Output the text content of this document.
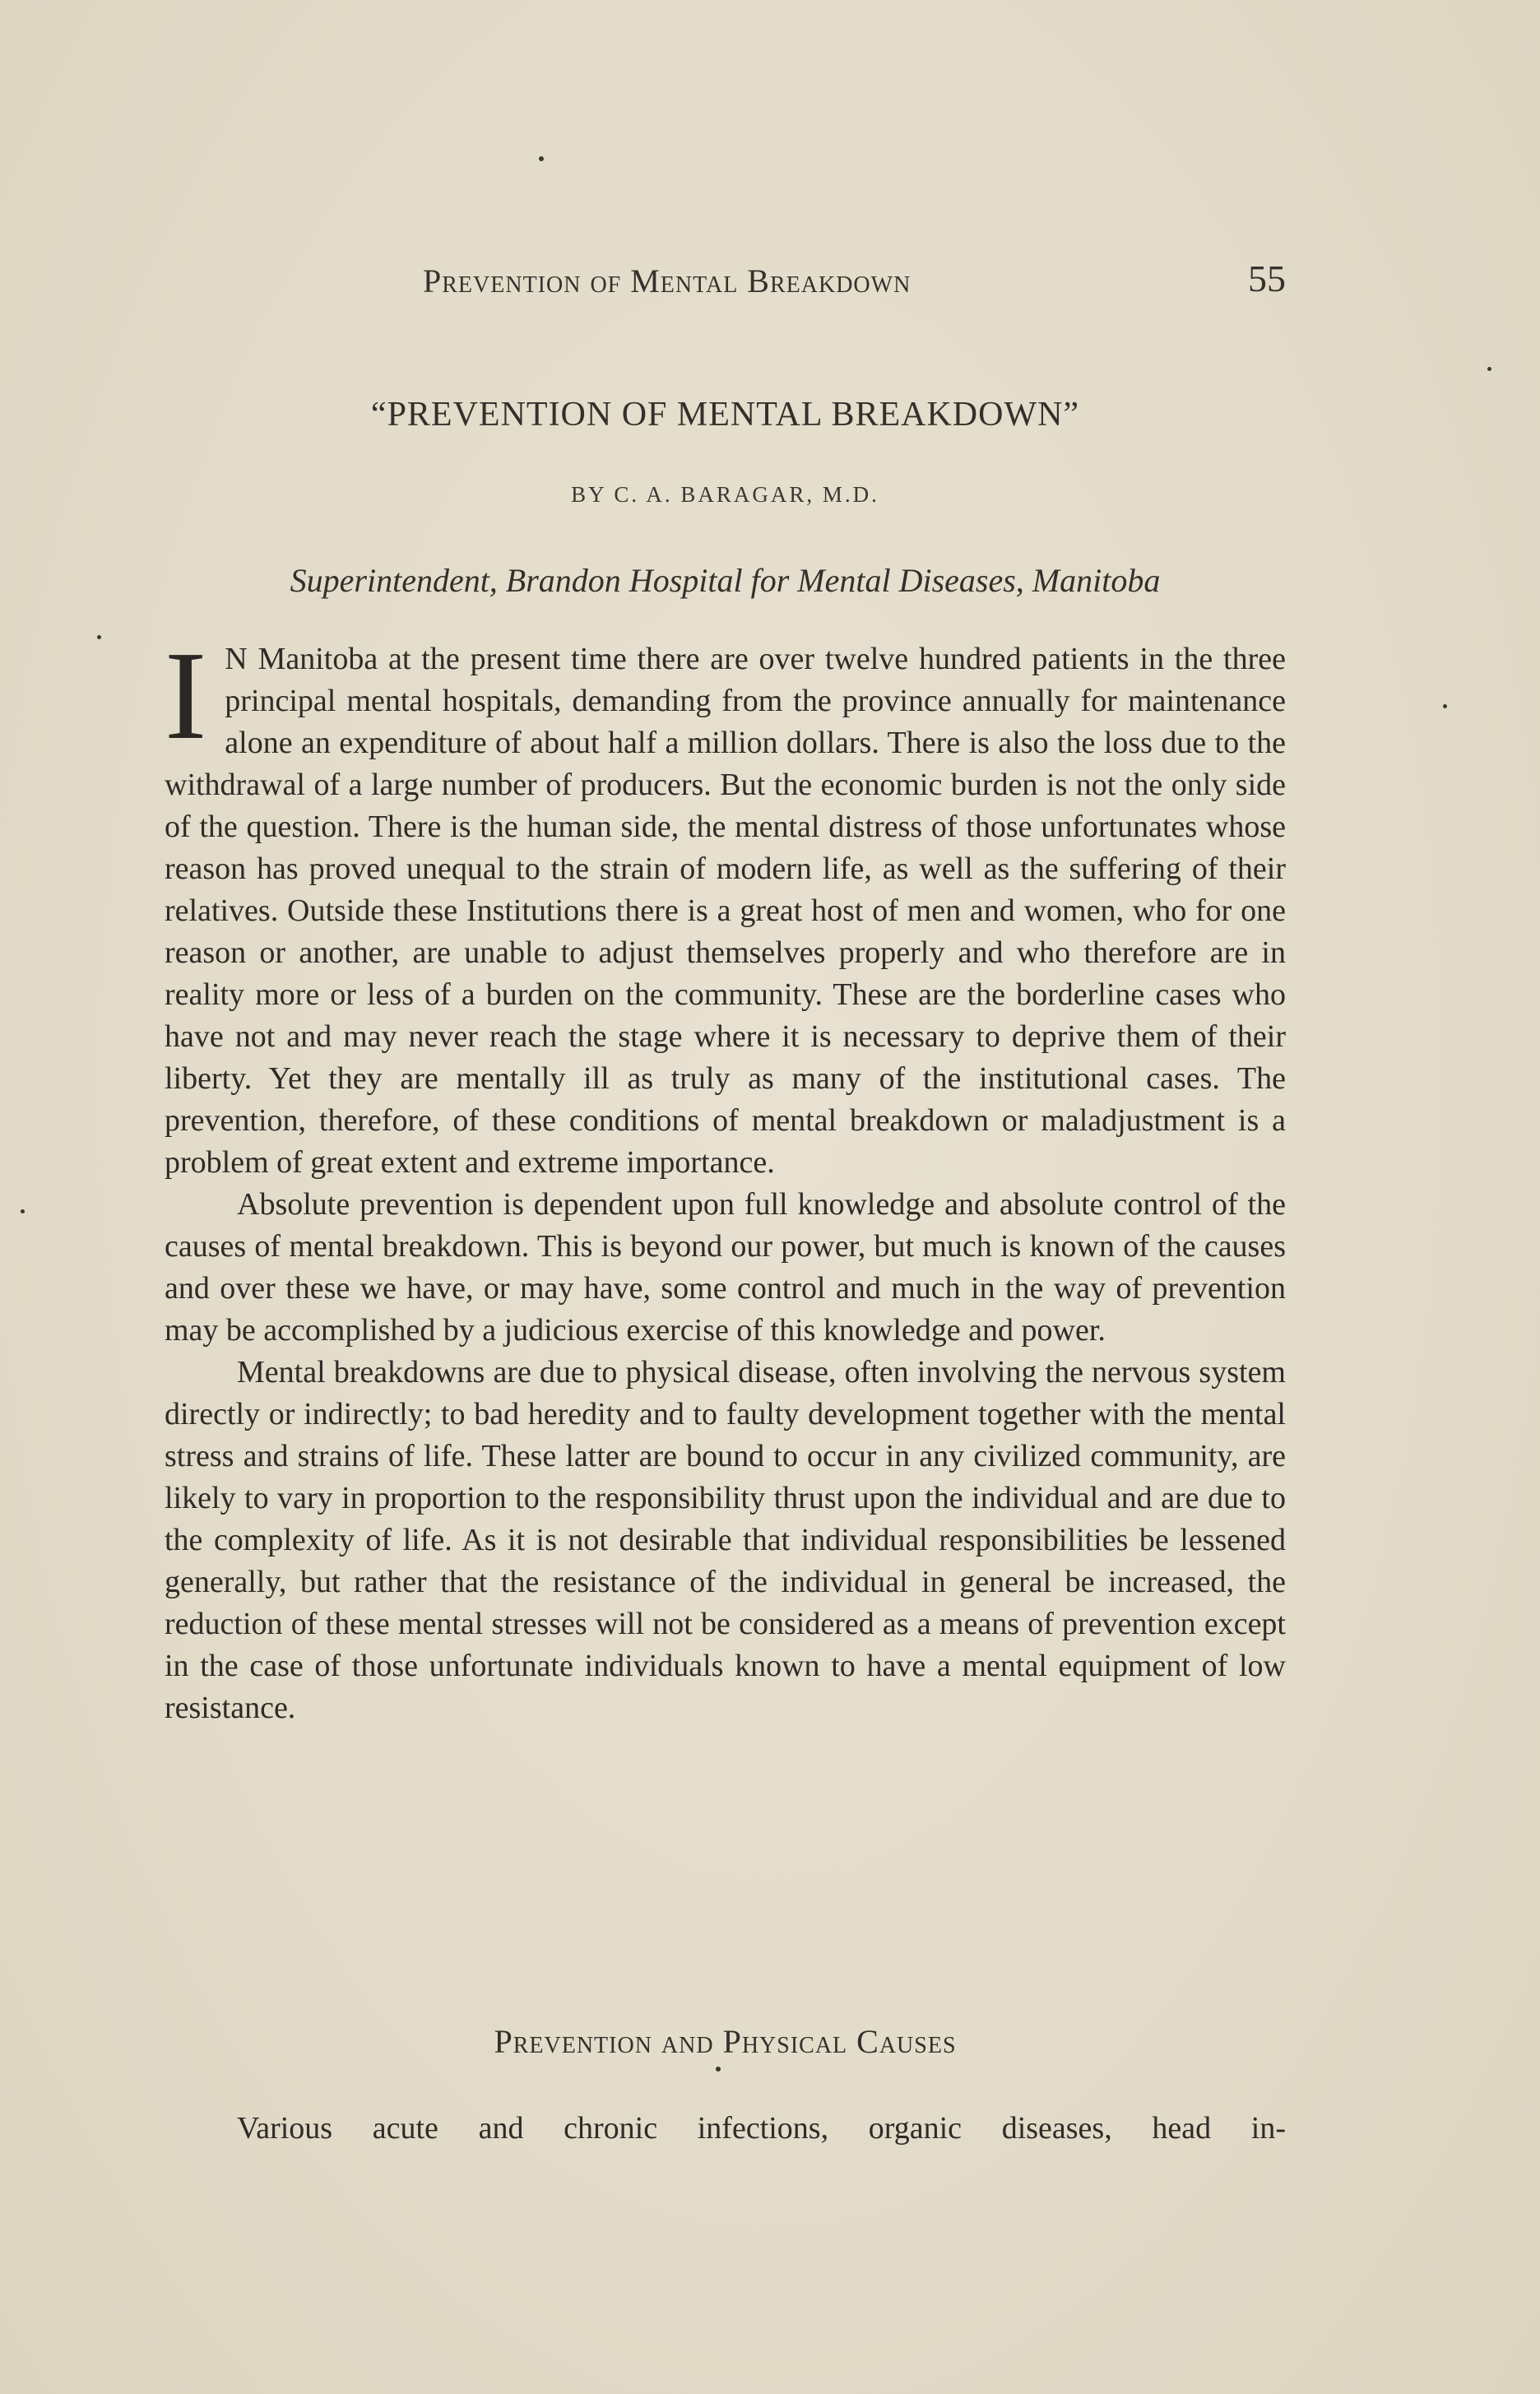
Prevention of Mental Breakdown	55
“PREVENTION OF MENTAL BREAKDOWN”
BY C. A. BARAGAR, M.D.
Superintendent, Brandon Hospital for Mental Diseases, Manitoba

I N Manitoba at the present time there are over twelve hundred patients in the three principal mental hospitals, demanding from the province annually for maintenance alone an expenditure of about half a million dollars. There is also the loss due to the withdrawal of a large number of producers. But the economic burden is not the only side of the question. There is the human side, the mental distress of those unfortunates whose reason has proved unequal to the strain of modern life, as well as the suffering of their relatives. Outside these Institutions there is a great host of men and women, who for one reason or another, are unable to adjust themselves properly and who therefore are in reality more or less of a burden on the community. These are the borderline cases who have not and may never reach the stage where it is necessary to deprive them of their liberty. Yet they are mentally ill as truly as many of the institutional cases. The prevention, therefore, of these conditions of mental breakdown or maladjustment is a problem of great extent and extreme importance.

Absolute prevention is dependent upon full knowledge and absolute control of the causes of mental breakdown. This is beyond our power, but much is known of the causes and over these we have, or may have, some control and much in the way of prevention may be accomplished by a judicious exercise of this knowledge and power.

Mental breakdowns are due to physical disease, often involving the nervous system directly or indirectly; to bad heredity and to faulty development together with the mental stress and strains of life. These latter are bound to occur in any civilized community, are likely to vary in proportion to the responsibility thrust upon the individual and are due to the complexity of life. As it is not desirable that individual responsibilities be lessened generally, but rather that the resistance of the individual in general be increased, the reduction of these mental stresses will not be considered as a means of prevention except in the case of those unfortunate individuals known to have a mental equipment of low resistance.

Prevention and Physical Causes
Various acute and chronic infections, organic diseases, head in-
